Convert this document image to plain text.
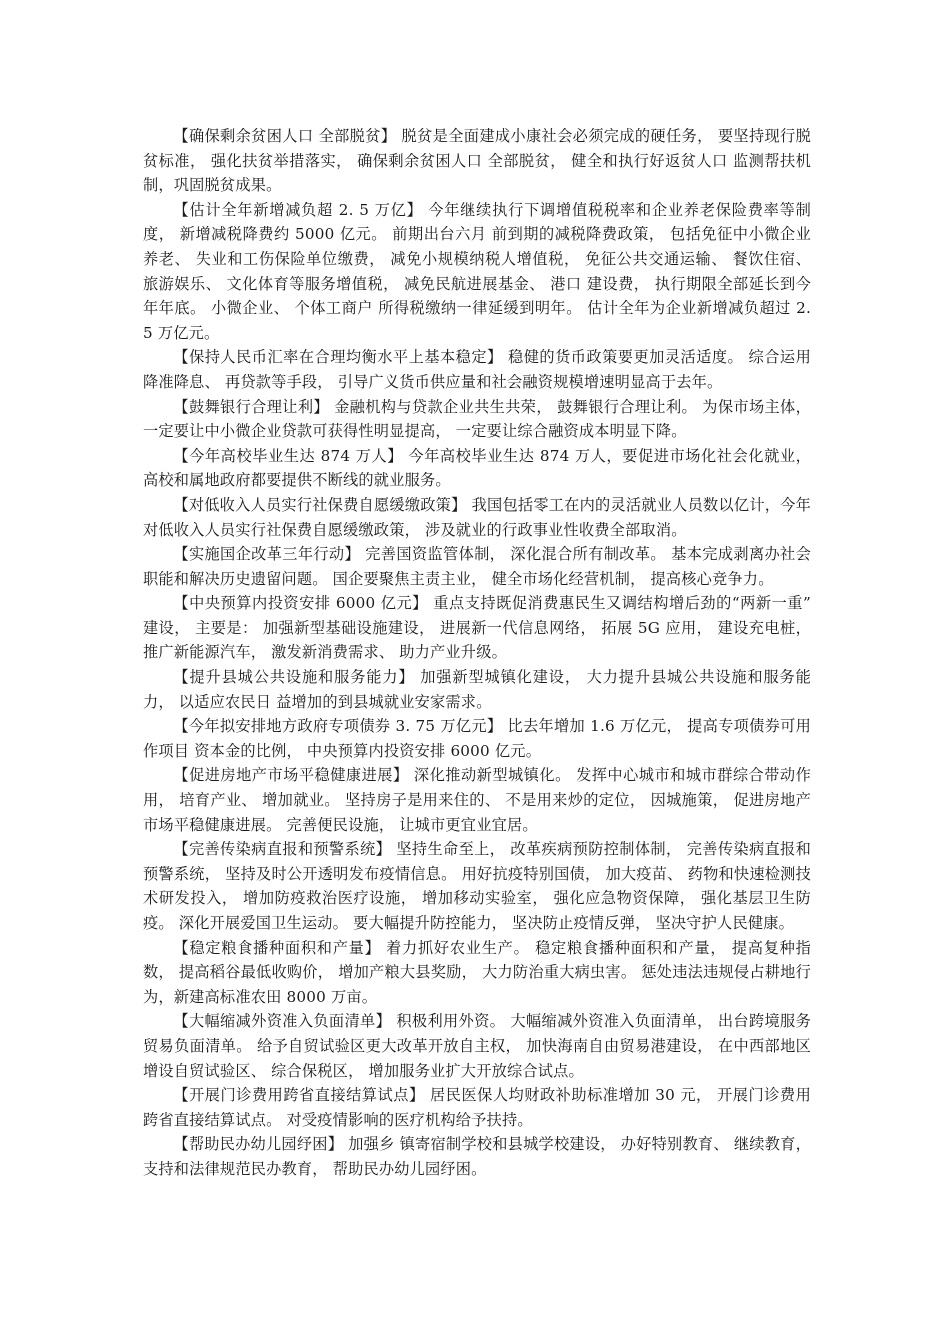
【确保剩余贫困人口 全部脱贫】 脱贫是全面建成小康社会必须完成的硬任务， 要坚持现行脱贫标准， 强化扶贫举措落实， 确保剩余贫困人口 全部脱贫， 健全和执行好返贫人口 监测帮扶机制，巩固脱贫成果。

【估计全年新增减负超 2. 5 万亿】 今年继续执行下调增值税税率和企业养老保险费率等制度， 新增减税降费约 5000 亿元。 前期出台六月 前到期的减税降费政策， 包括免征中小微企业养老、 失业和工伤保险单位缴费， 减免小规模纳税人增值税， 免征公共交通运输、 餐饮住宿、 旅游娱乐、 文化体育等服务增值税， 减免民航进展基金、 港口 建设费， 执行期限全部延长到今年年底。 小微企业、 个体工商户 所得税缴纳一律延缓到明年。 估计全年为企业新增减负超过 2. 5 万亿元。

【保持人民币汇率在合理均衡水平上基本稳定】 稳健的货币政策要更加灵活适度。 综合运用降准降息、 再贷款等手段， 引导广义货币供应量和社会融资规模增速明显高于去年。

【鼓舞银行合理让利】 金融机构与贷款企业共生共荣， 鼓舞银行合理让利。 为保市场主体， 一定要让中小微企业贷款可获得性明显提高， 一定要让综合融资成本明显下降。

【今年高校毕业生达 874 万人】 今年高校毕业生达 874 万人，要促进市场化社会化就业，高校和属地政府都要提供不断线的就业服务。

【对低收入人员实行社保费自愿缓缴政策】 我国包括零工在内的灵活就业人员数以亿计，今年对低收入人员实行社保费自愿缓缴政策， 涉及就业的行政事业性收费全部取消。

【实施国企改革三年行动】 完善国资监管体制， 深化混合所有制改革。 基本完成剥离办社会职能和解决历史遗留问题。 国企要聚焦主责主业， 健全市场化经营机制， 提高核心竞争力。

【中央预算内投资安排 6000 亿元】 重点支持既促消费惠民生又调结构增后劲的“两新一重” 建设， 主要是： 加强新型基础设施建设， 进展新一代信息网络， 拓展 5G 应用， 建设充电桩，推广新能源汽车， 激发新消费需求、 助力产业升级。

【提升县城公共设施和服务能力】 加强新型城镇化建设， 大力提升县城公共设施和服务能力， 以适应农民日 益增加的到县城就业安家需求。

【今年拟安排地方政府专项债券 3. 75 万亿元】 比去年增加 1.6 万亿元， 提高专项债券可用作项目 资本金的比例， 中央预算内投资安排 6000 亿元。

【促进房地产市场平稳健康进展】 深化推动新型城镇化。 发挥中心城市和城市群综合带动作用， 培育产业、 增加就业。 坚持房子是用来住的、 不是用来炒的定位， 因城施策， 促进房地产市场平稳健康进展。 完善便民设施， 让城市更宜业宜居。

【完善传染病直报和预警系统】 坚持生命至上， 改革疾病预防控制体制， 完善传染病直报和预警系统， 坚持及时公开透明发布疫情信息。 用好抗疫特别国债， 加大疫苗、 药物和快速检测技术研发投入， 增加防疫救治医疗设施， 增加移动实验室， 强化应急物资保障， 强化基层卫生防疫。 深化开展爱国卫生运动。 要大幅提升防控能力， 坚决防止疫情反弹， 坚决守护人民健康。

【稳定粮食播种面积和产量】 着力抓好农业生产。 稳定粮食播种面积和产量， 提高复种指数， 提高稻谷最低收购价， 增加产粮大县奖励， 大力防治重大病虫害。 惩处违法违规侵占耕地行为，新建高标准农田 8000 万亩。

【大幅缩减外资准入负面清单】 积极利用外资。 大幅缩减外资准入负面清单， 出台跨境服务贸易负面清单。 给予自贸试验区更大改革开放自主权， 加快海南自由贸易港建设， 在中西部地区增设自贸试验区、 综合保税区， 增加服务业扩大开放综合试点。

【开展门诊费用跨省直接结算试点】 居民医保人均财政补助标准增加 30 元， 开展门诊费用跨省直接结算试点。 对受疫情影响的医疗机构给予扶持。

【帮助民办幼儿园纾困】 加强乡 镇寄宿制学校和县城学校建设， 办好特别教育、 继续教育， 支持和法律规范民办教育， 帮助民办幼儿园纾困。
